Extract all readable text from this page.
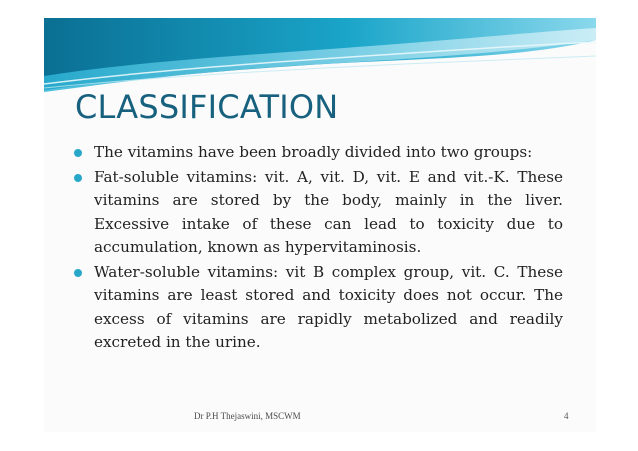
CLASSIFICATION
The vitamins have been broadly divided into two groups:
Fat-soluble vitamins: vit. A, vit. D, vit. E and vit.-K. These vitamins are stored by the body, mainly in the liver. Excessive intake of these can lead to toxicity due to accumulation, known as hypervitaminosis.
Water-soluble vitamins: vit B complex group, vit. C. These vitamins are least stored and toxicity does not occur. The excess of vitamins are rapidly metabolized and readily excreted in the urine.
Dr P.H Thejaswini, MSCWM	4
